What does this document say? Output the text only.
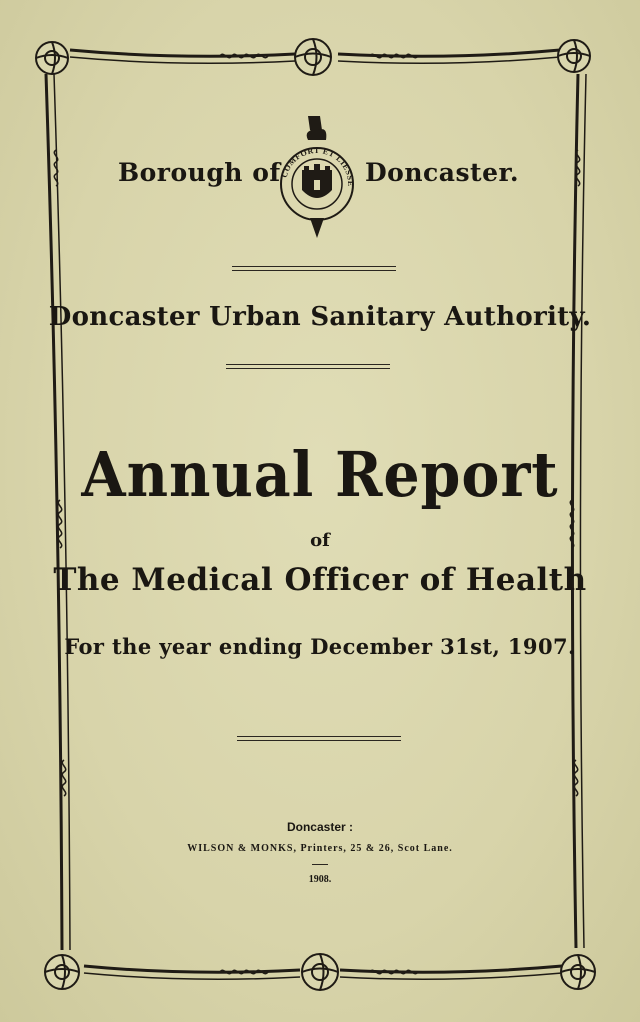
Borough of COMFORT ET LIESSE Doncaster.
Doncaster Urban Sanitary Authority.
Annual Report
of
The Medical Officer of Health
For the year ending December 31st, 1907.
Doncaster :
WILSON & MONKS, Printers, 25 & 26, Scot Lane.
1908.
